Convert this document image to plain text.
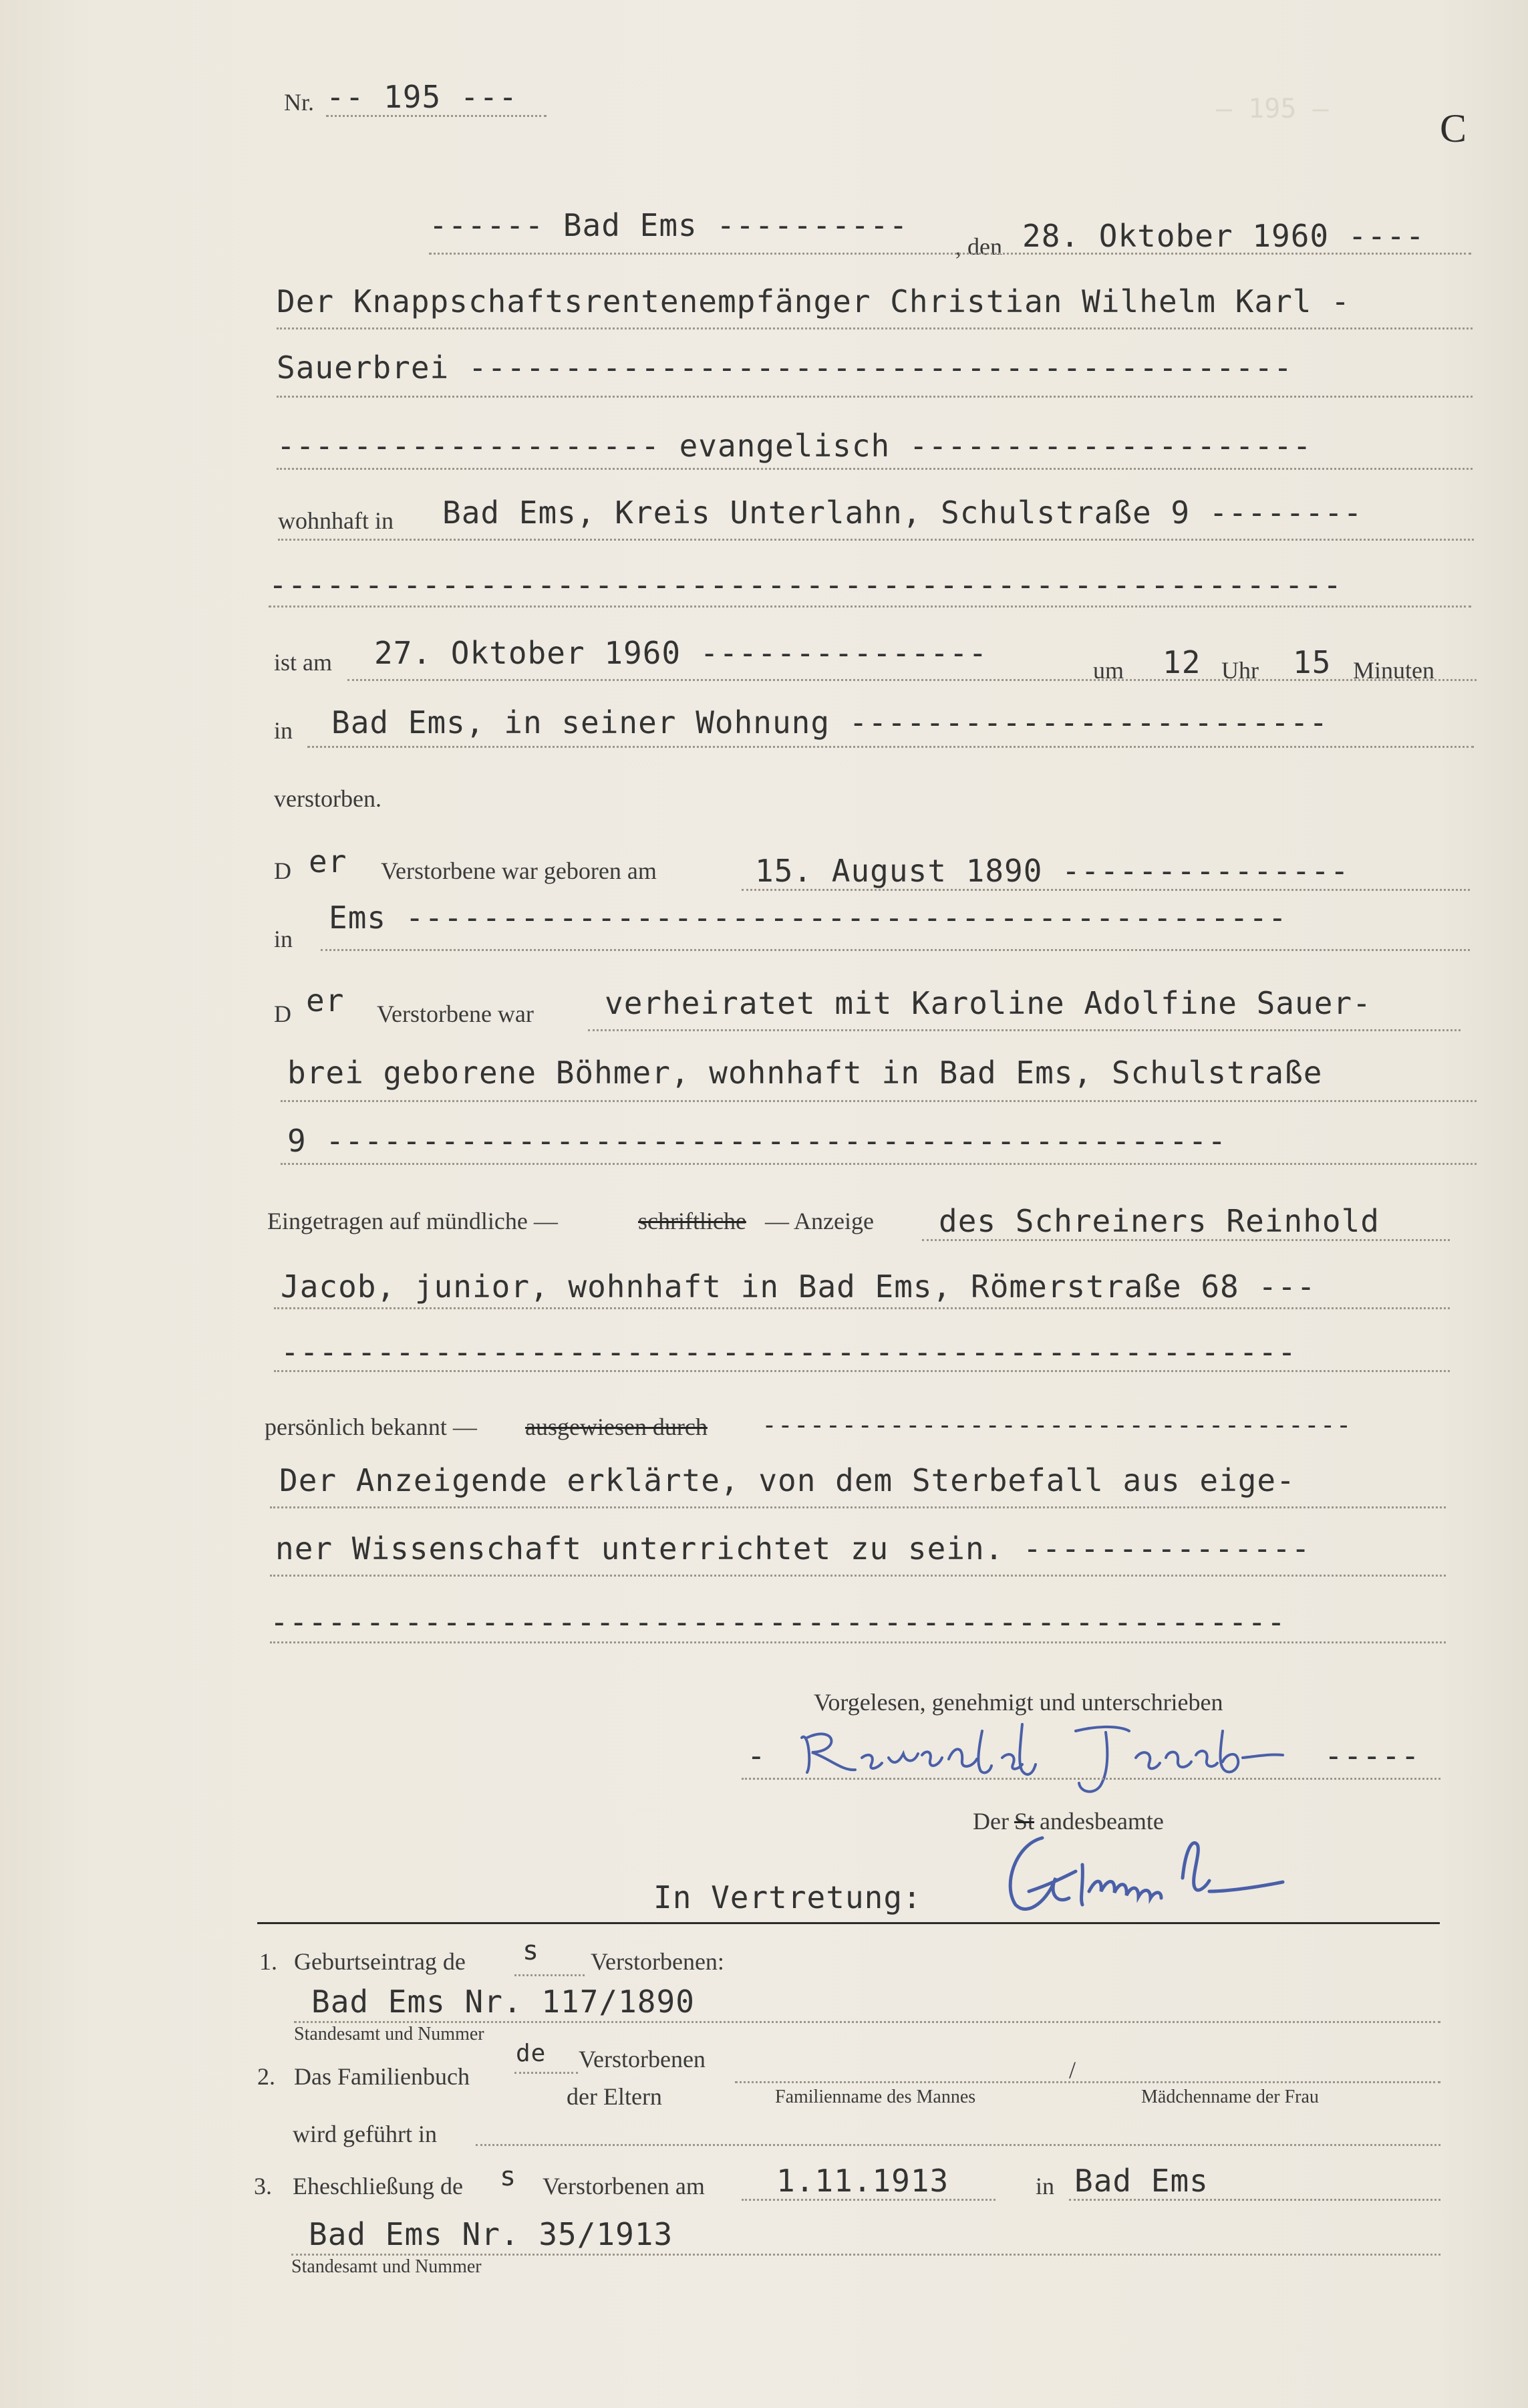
— 195 —
Nr. -- 195 ---
C
------ Bad Ems ----------
, den 28. Oktober 1960 ----
Der Knappschaftsrentenempfänger Christian Wilhelm Karl -
Sauerbrei -------------------------------------------
-------------------- evangelisch ---------------------
wohnhaft in Bad Ems, Kreis Unterlahn, Schulstraße 9 --------
--------------------------------------------------------
ist am 27. Oktober 1960 ---------------	um 12 Uhr 15 Minuten
in Bad Ems, in seiner Wohnung -------------------------
verstorben.
D er Verstorbene war geboren am	15. August 1890 ---------------
in
Ems ----------------------------------------------
D er Verstorbene war verheiratet mit Karoline Adolfine Sauer-
brei geborene Böhmer, wohnhaft in Bad Ems, Schulstraße
9 -----------------------------------------------
Eingetragen auf mündliche —	schriftliche — Anzeige des Schreiners Reinhold
Jacob, junior, wohnhaft in Bad Ems, Römerstraße 68 ---
-----------------------------------------------------
persönlich bekannt — ausgewiesen durch -------------------------------------
Der Anzeigende erklärte, von dem Sterbefall aus eige-
ner Wissenschaft unterrichtet zu sein. ---------------
-----------------------------------------------------
Vorgelesen, genehmigt und unterschrieben
-	-----
Der St andesbeamte
In Vertretung:
1. Geburtseintrag de s Verstorbenen:
Bad Ems Nr. 117/1890
Standesamt und Nummer
2. Das Familienbuch
de Verstorbenen
der Eltern	Familienname des Mannes
/
Mädchenname der Frau
wird geführt in
3. Eheschließung de s Verstorbenen am 1.11.1913	in Bad Ems
Bad Ems Nr. 35/1913
Standesamt und Nummer
